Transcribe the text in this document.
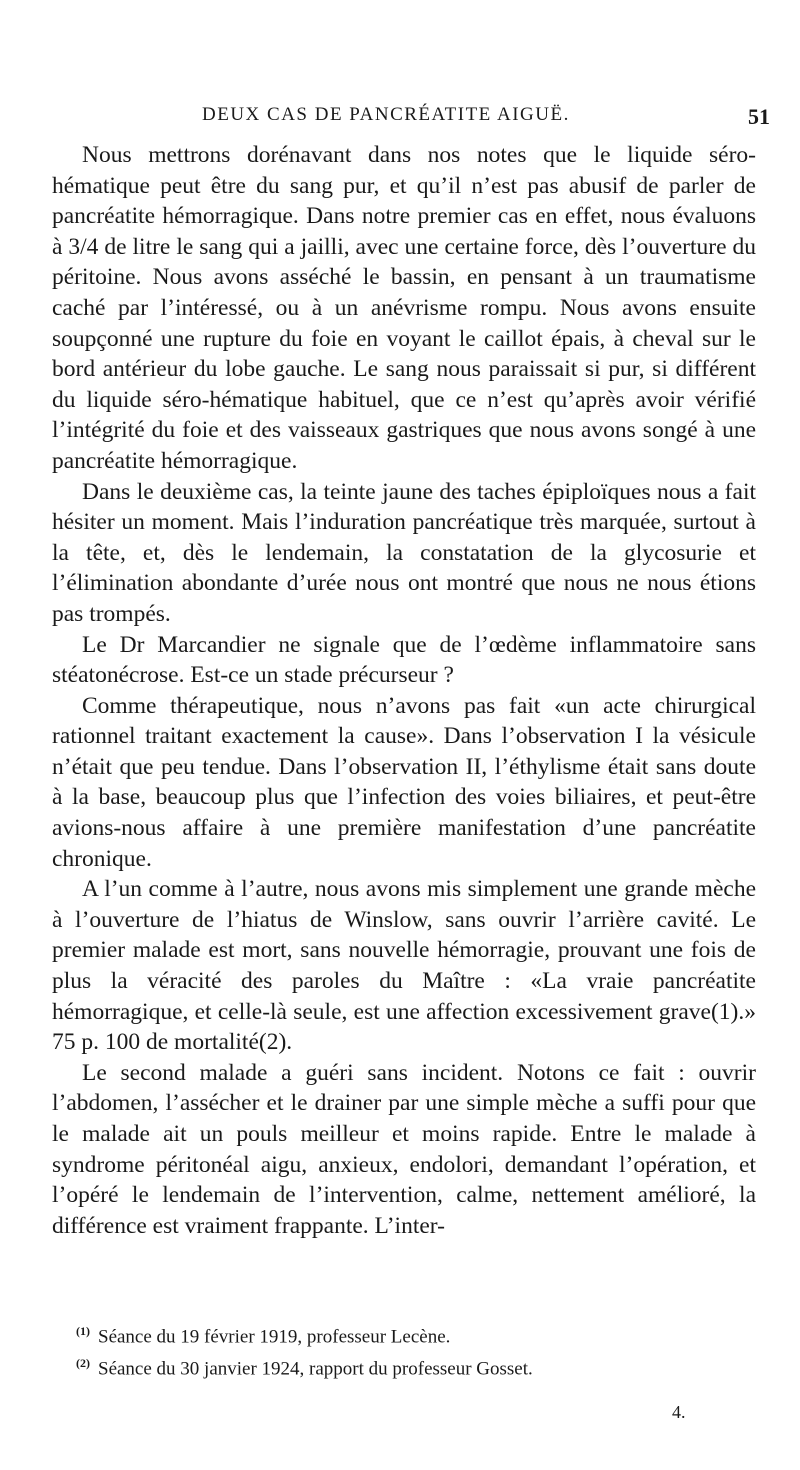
DEUX CAS DE PANCRÉATITE AIGUË.	51

Nous mettrons dorénavant dans nos notes que le liquide séro-hématique peut être du sang pur, et qu’il n’est pas abusif de parler de pancréatite hémorragique. Dans notre premier cas en effet, nous évaluons à 3/4 de litre le sang qui a jailli, avec une certaine force, dès l’ouverture du péritoine. Nous avons asséché le bassin, en pensant à un traumatisme caché par l’intéressé, ou à un anévrisme rompu. Nous avons ensuite soupçonné une rupture du foie en voyant le caillot épais, à cheval sur le bord antérieur du lobe gauche. Le sang nous paraissait si pur, si différent du liquide séro-hématique habituel, que ce n’est qu’après avoir vérifié l’intégrité du foie et des vaisseaux gastriques que nous avons songé à une pancréatite hémorragique.

Dans le deuxième cas, la teinte jaune des taches épiploïques nous a fait hésiter un moment. Mais l’induration pancréatique très marquée, surtout à la tête, et, dès le lendemain, la constatation de la glycosurie et l’élimination abondante d’urée nous ont montré que nous ne nous étions pas trompés.

Le Dr Marcandier ne signale que de l’œdème inflammatoire sans stéatonécrose. Est-ce un stade précurseur ?

Comme thérapeutique, nous n’avons pas fait «un acte chirurgical rationnel traitant exactement la cause». Dans l’observation I la vésicule n’était que peu tendue. Dans l’observation II, l’éthylisme était sans doute à la base, beaucoup plus que l’infection des voies biliaires, et peut-être avions-nous affaire à une première manifestation d’une pancréatite chronique.

A l’un comme à l’autre, nous avons mis simplement une grande mèche à l’ouverture de l’hiatus de Winslow, sans ouvrir l’arrière cavité. Le premier malade est mort, sans nouvelle hémorragie, prouvant une fois de plus la véracité des paroles du Maître : «La vraie pancréatite hémorragique, et celle-là seule, est une affection excessivement grave(1).» 75 p. 100 de mortalité(2).

Le second malade a guéri sans incident. Notons ce fait : ouvrir l’abdomen, l’assécher et le drainer par une simple mèche a suffi pour que le malade ait un pouls meilleur et moins rapide. Entre le malade à syndrome péritonéal aigu, anxieux, endolori, demandant l’opération, et l’opéré le lendemain de l’intervention, calme, nettement amélioré, la différence est vraiment frappante. L’inter-

$^{(1)}$ Séance du 19 février 1919, professeur Lecène.
$^{(2)}$ Séance du 30 janvier 1924, rapport du professeur Gosset.
4.
